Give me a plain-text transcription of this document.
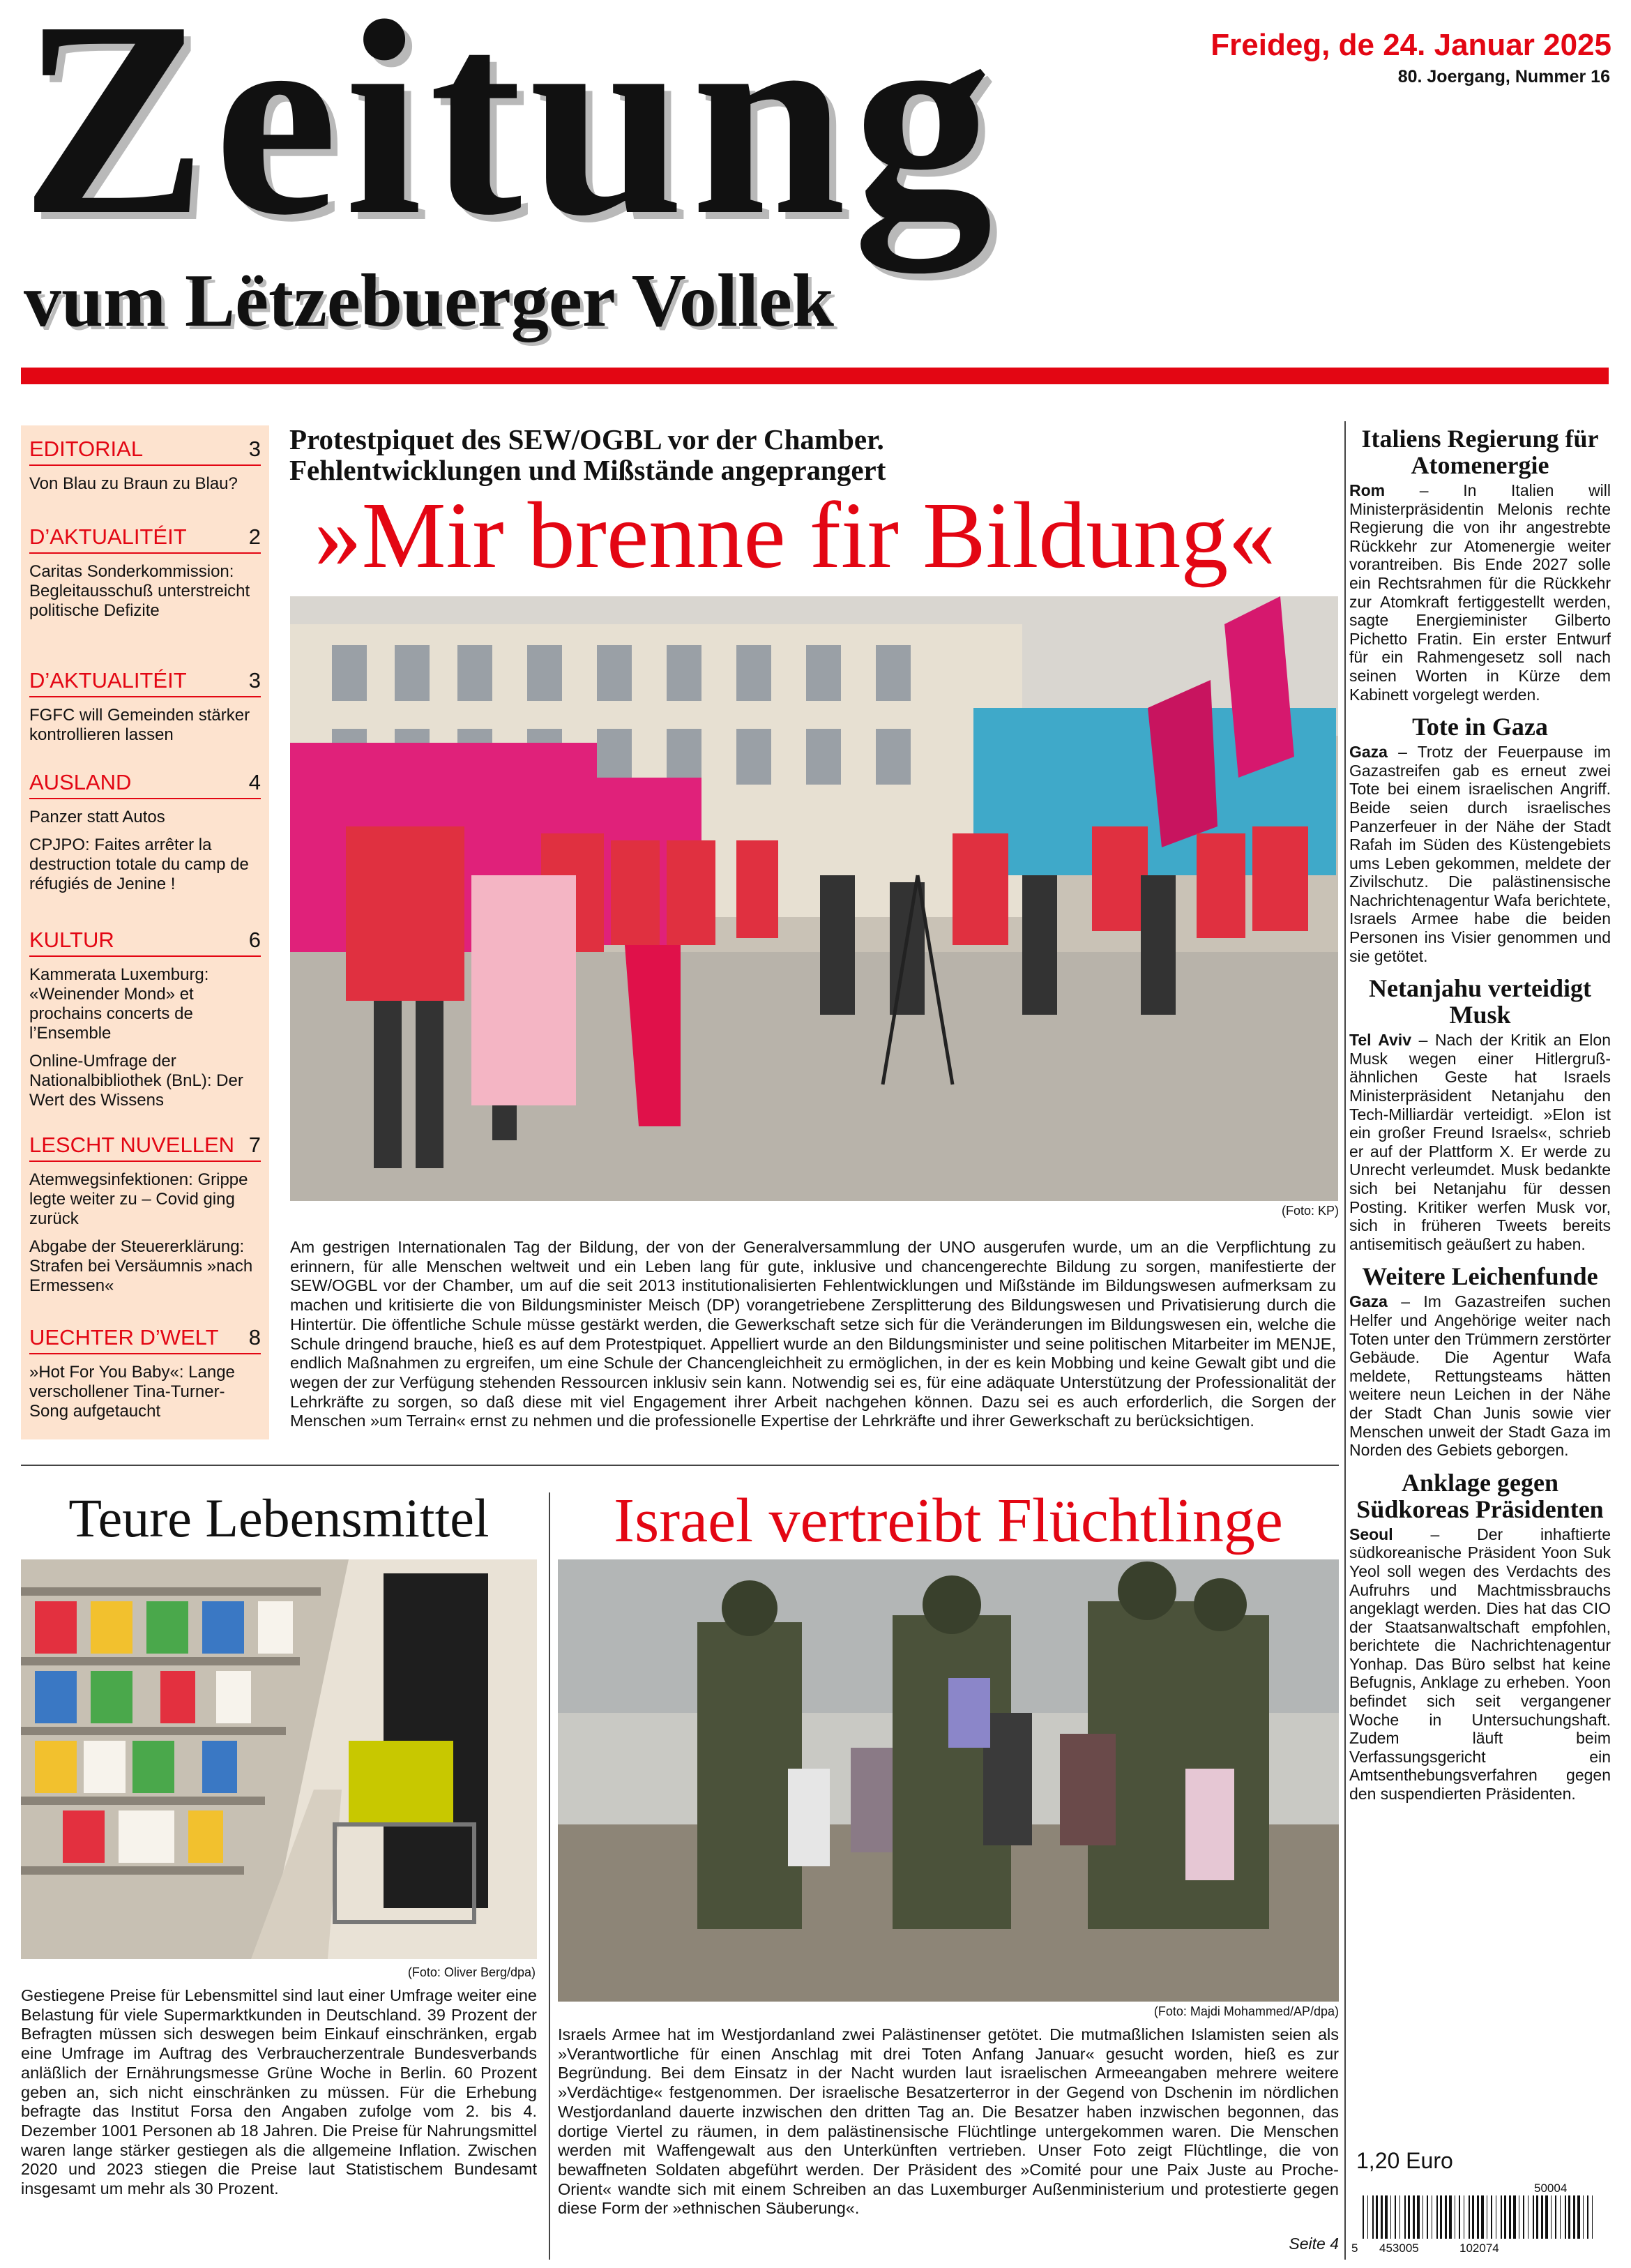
Zeitung
vum Lëtzebuerger Vollek
Freideg, de 24. Januar 2025
80. Joergang, Nummer 16
EDITORIAL	3
Von Blau zu Braun zu Blau?
D’AKTUALITÉIT	2
Caritas Sonderkommission: Begleitausschuß unterstreicht politische Defizite
D’AKTUALITÉIT	3
FGFC will Gemeinden stärker kontrollieren lassen
AUSLAND	4
Panzer statt Autos
CPJPO: Faites arrêter la destruction totale du camp de réfugiés de Jenine !
KULTUR	6
Kammerata Luxemburg: «Weinender Mond» et prochains concerts de l’Ensemble
Online-Umfrage der Nationalbibliothek (BnL): Der Wert des Wissens
LESCHT NUVELLEN 7
Atemwegsinfektionen: Grippe legte weiter zu – Covid ging zurück
Abgabe der Steuererklärung: Strafen bei Versäumnis »nach Ermessen«
UECHTER D’WELT 8
»Hot For You Baby«: Lange verschollener Tina-Turner-Song aufgetaucht
Protestpiquet des SEW/OGBL vor der Chamber.
Fehlentwicklungen und Mißstände angeprangert
»Mir brenne fir Bildung«
(Foto: KP)
Am gestrigen Internationalen Tag der Bildung, der von der Generalversammlung der UNO ausgerufen wurde, um an die Verpflichtung zu erinnern, für alle Menschen weltweit und ein Leben lang für gute, inklusive und chancengerechte Bildung zu sorgen, manifestierte der SEW/OGBL vor der Chamber, um auf die seit 2013 institutionalisierten Fehlentwicklungen und Mißstände im Bildungswesen aufmerksam zu machen und kritisierte die von Bildungsminister Meisch (DP) vorangetriebene Zersplitterung des Bildungswesen und Privatisierung durch die Hintertür. Die öffentliche Schule müsse gestärkt werden, die Gewerkschaft setze sich für die Veränderungen im Bildungswesen ein, welche die Schule dringend brauche, hieß es auf dem Protestpiquet. Appelliert wurde an den Bildungsminister und seine politischen Mitarbeiter im MENJE, endlich Maßnahmen zu ergreifen, um eine Schule der Chancengleichheit zu ermöglichen, in der es kein Mobbing und keine Gewalt gibt und die wegen der zur Verfügung stehenden Ressourcen inklusiv sein kann. Notwendig sei es, für eine adäquate Unterstützung der Professionalität der Lehrkräfte zu sorgen, so daß diese mit viel Engagement ihrer Arbeit nachgehen können. Dazu sei es auch erforderlich, die Sorgen der Menschen »um Terrain« ernst zu nehmen und die professionelle Expertise der Lehrkräfte und ihrer Gewerkschaft zu berücksichtigen.
Teure Lebensmittel
(Foto: Oliver Berg/dpa)
Gestiegene Preise für Lebensmittel sind laut einer Umfrage weiter eine Belastung für viele Supermarktkunden in Deutschland. 39 Prozent der Befragten müssen sich deswegen beim Einkauf einschränken, ergab eine Umfrage im Auftrag des Verbraucherzentrale Bundesverbands anläßlich der Ernährungsmesse Grüne Woche in Berlin. 60 Prozent geben an, sich nicht einschränken zu müssen. Für die Erhebung befragte das Institut Forsa den Angaben zufolge vom 2. bis 4. Dezember 1001 Personen ab 18 Jahren. Die Preise für Nahrungsmittel waren lange stärker gestiegen als die allgemeine Inflation. Zwischen 2020 und 2023 stiegen die Preise laut Statistischem Bundesamt insgesamt um mehr als 30 Prozent.
Israel vertreibt Flüchtlinge
(Foto: Majdi Mohammed/AP/dpa)
Israels Armee hat im Westjordanland zwei Palästinenser getötet. Die mutmaßlichen Islamisten seien als »Verantwortliche für einen Anschlag mit drei Toten Anfang Januar« gesucht worden, hieß es zur Begründung. Bei dem Einsatz in der Nacht wurden laut israelischen Armeeangaben mehrere weitere »Verdächtige« festgenommen. Der israelische Besatzerterror in der Gegend von Dschenin im nördlichen Westjordanland dauerte inzwischen den dritten Tag an. Die Besatzer haben inzwischen begonnen, das dortige Viertel zu räumen, in dem palästinensische Flüchtlinge untergekommen waren. Die Menschen werden mit Waffengewalt aus den Unterkünften vertrieben. Unser Foto zeigt Flüchtlinge, die von bewaffneten Soldaten abgeführt werden. Der Präsident des »Comité pour une Paix Juste au Proche-Orient« wandte sich mit einem Schreiben an das Luxemburger Außenministerium und protestierte gegen diese Form der »ethnischen Säuberung«.
Seite 4
Italiens Regierung für Atomenergie
Rom – In Italien will Ministerpräsidentin Melonis rechte Regierung die von ihr angestrebte Rückkehr zur Atomenergie weiter vorantreiben. Bis Ende 2027 solle ein Rechtsrahmen für die Rückkehr zur Atomkraft fertiggestellt werden, sagte Energieminister Gilberto Pichetto Fratin. Ein erster Entwurf für ein Rahmengesetz soll nach seinen Worten in Kürze dem Kabinett vorgelegt werden.
Tote in Gaza
Gaza – Trotz der Feuerpause im Gazastreifen gab es erneut zwei Tote bei einem israelischen Angriff. Beide seien durch israelisches Panzerfeuer in der Nähe der Stadt Rafah im Süden des Küstengebiets ums Leben gekommen, meldete der Zivilschutz. Die palästinensische Nachrichtenagentur Wafa berichtete, Israels Armee habe die beiden Personen ins Visier genommen und sie getötet.
Netanjahu verteidigt Musk
Tel Aviv – Nach der Kritik an Elon Musk wegen einer Hitlergruß-ähnlichen Geste hat Israels Ministerpräsident Netanjahu den Tech-Milliardär verteidigt. »Elon ist ein großer Freund Israels«, schrieb er auf der Plattform X. Er werde zu Unrecht verleumdet. Musk bedankte sich bei Netanjahu für dessen Posting. Kritiker werfen Musk vor, sich in früheren Tweets bereits antisemitisch geäußert zu haben.
Weitere Leichenfunde
Gaza – Im Gazastreifen suchen Helfer und Angehörige weiter nach Toten unter den Trümmern zerstörter Gebäude. Die Agentur Wafa meldete, Rettungsteams hätten weitere neun Leichen in der Nähe der Stadt Chan Junis sowie vier Menschen unweit der Stadt Gaza im Norden des Gebiets geborgen.
Anklage gegen Südkoreas Präsidenten
Seoul – Der inhaftierte südkoreanische Präsident Yoon Suk Yeol soll wegen des Verdachts des Aufruhrs und Machtmissbrauchs angeklagt werden. Dies hat das CIO der Staatsanwaltschaft empfohlen, berichtete die Nachrichtenagentur Yonhap. Das Büro selbst hat keine Befugnis, Anklage zu erheben. Yoon befindet sich seit vergangener Woche in Untersuchungshaft. Zudem läuft beim Verfassungsgericht ein Amtsenthebungsverfahren gegen den suspendierten Präsidenten.
1,20 Euro
50004
5 453005	102074
